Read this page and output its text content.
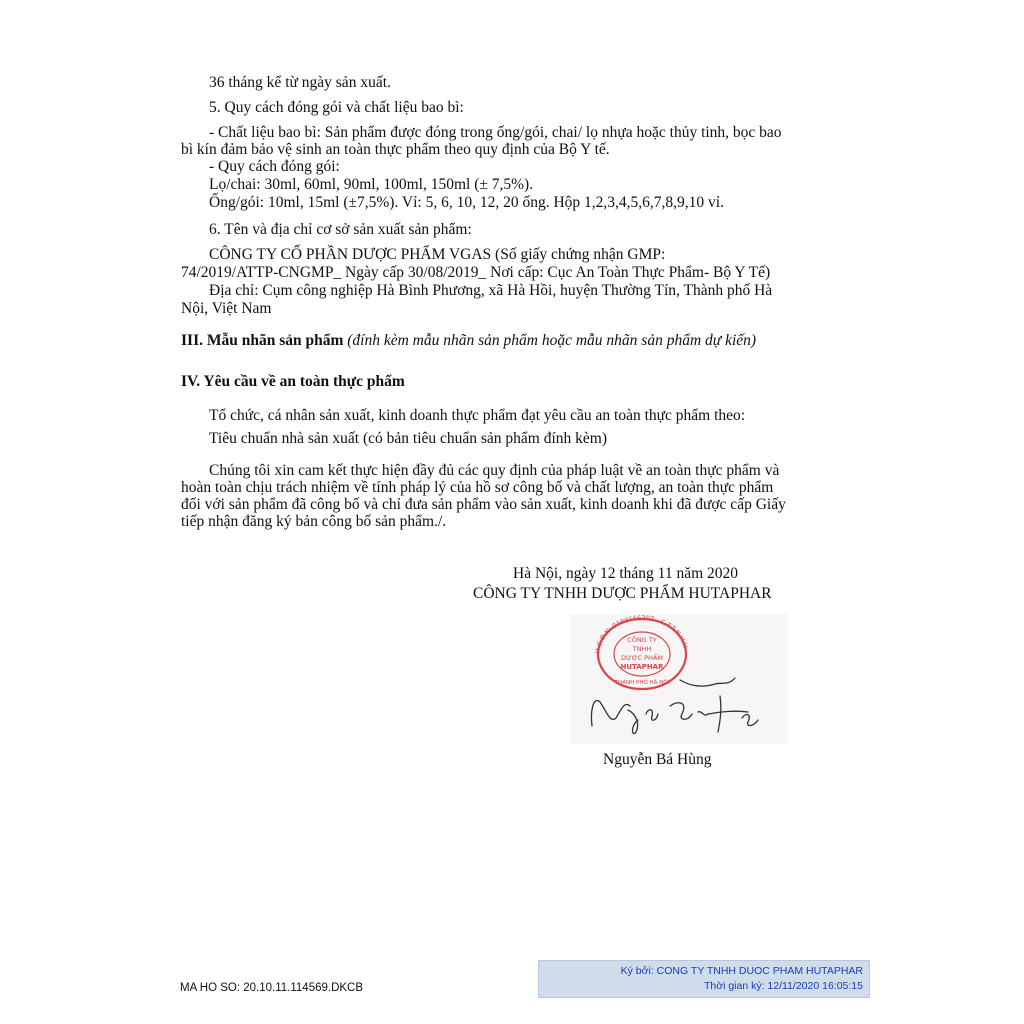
36 tháng kể từ ngày sản xuất.
5. Quy cách đóng gói và chất liệu bao bì:
- Chất liệu bao bì: Sản phẩm được đóng trong ống/gói, chai/ lọ nhựa hoặc thủy tinh, bọc bao
bì kín đảm bảo vệ sinh an toàn thực phẩm theo quy định của Bộ Y tế.
- Quy cách đóng gói:
Lọ/chai: 30ml, 60ml, 90ml, 100ml, 150ml (± 7,5%).
Ống/gói: 10ml, 15ml (±7,5%). Vỉ: 5, 6, 10, 12, 20 ống. Hộp 1,2,3,4,5,6,7,8,9,10 vỉ.
6. Tên và địa chỉ cơ sở sản xuất sản phẩm:
CÔNG TY CỔ PHẦN DƯỢC PHẨM VGAS (Số giấy chứng nhận GMP:
74/2019/ATTP-CNGMP_ Ngày cấp 30/08/2019_ Nơi cấp: Cục An Toàn Thực Phẩm- Bộ Y Tế)
Địa chỉ: Cụm công nghiệp Hà Bình Phương, xã Hà Hồi, huyện Thường Tín, Thành phố Hà
Nội, Việt Nam
III. Mẫu nhãn sản phẩm (đính kèm mẫu nhãn sản phẩm hoặc mẫu nhãn sản phẩm dự kiến)
IV. Yêu cầu về an toàn thực phẩm
Tổ chức, cá nhân sản xuất, kinh doanh thực phẩm đạt yêu cầu an toàn thực phẩm theo:
Tiêu chuẩn nhà sản xuất (có bản tiêu chuẩn sản phẩm đính kèm)
Chúng tôi xin cam kết thực hiện đầy đủ các quy định của pháp luật về an toàn thực phẩm và
hoàn toàn chịu trách nhiệm về tính pháp lý của hồ sơ công bố và chất lượng, an toàn thực phẩm
đối với sản phẩm đã công bố và chỉ đưa sản phẩm vào sản xuất, kinh doanh khi đã được cấp Giấy
tiếp nhận đăng ký bản công bố sản phẩm./.
Hà Nội, ngày 12 tháng 11 năm 2020
CÔNG TY TNHH DƯỢC PHẨM HUTAPHAR
M.S.D.N: 0109166307 - C.T.T.N.H.H
CÔNG TY
TNHH
DƯỢC PHẨM
HUTAPHAR
THÀNH PHỐ HÀ NỘI
Nguyễn Bá Hùng
MA HO SO: 20.10.11.114569.DKCB
Ký bởi: CONG TY TNHH DUOC PHAM HUTAPHAR
Thời gian ký: 12/11/2020 16:05:15
